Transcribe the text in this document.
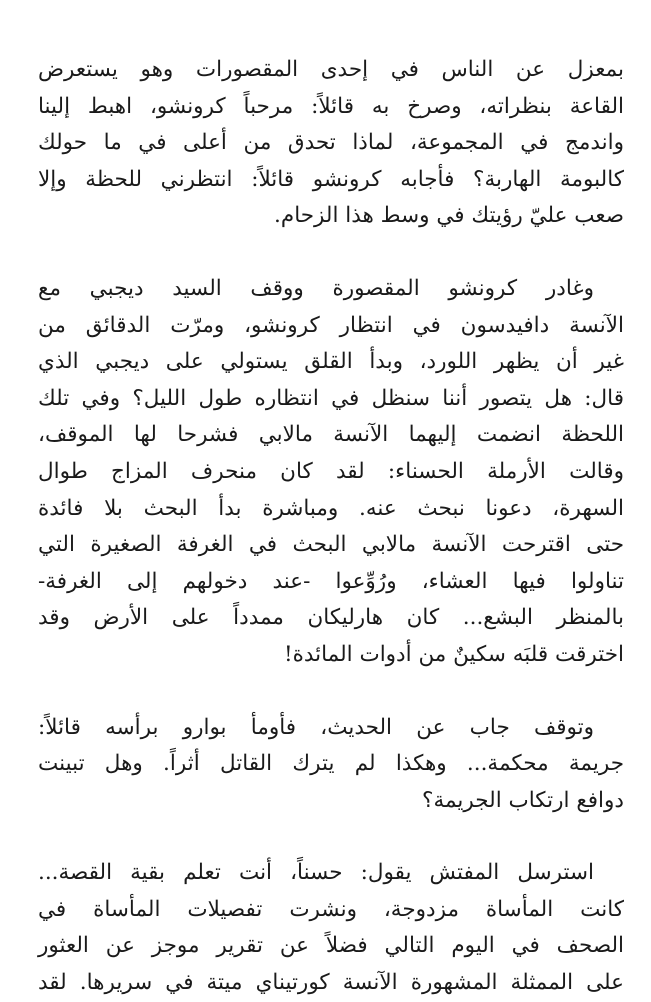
بمعزل عن الناس في إحدى المقصورات وهو يستعرض
القاعة بنظراته، وصرخ به قائلاً: مرحباً كرونشو، اهبط إلينا
واندمج في المجموعة، لماذا تحدق من أعلى في ما حولك
كالبومة الهاربة؟ فأجابه كرونشو قائلاً: انتظرني للحظة وإلا
صعب عليّ رؤيتك في وسط هذا الزحام.

وغادر كرونشو المقصورة ووقف السيد ديجبي مع
الآنسة دافيدسون في انتظار كرونشو، ومرّت الدقائق من
غير أن يظهر اللورد، وبدأ القلق يستولي على ديجبي الذي
قال: هل يتصور أننا سنظل في انتظاره طول الليل؟ وفي تلك
اللحظة انضمت إليهما الآنسة مالابي فشرحا لها الموقف،
وقالت الأرملة الحسناء: لقد كان منحرف المزاج طوال
السهرة، دعونا نبحث عنه. ومباشرة بدأ البحث بلا فائدة
حتى اقترحت الآنسة مالابي البحث في الغرفة الصغيرة التي
تناولوا فيها العشاء، ورُوِّعوا -عند دخولهم إلى الغرفة-
بالمنظر البشع... كان هارليكان ممدداً على الأرض وقد
اخترقت قلبَه سكينٌ من أدوات المائدة!

وتوقف جاب عن الحديث، فأومأ بوارو برأسه قائلاً:
جريمة محكمة... وهكذا لم يترك القاتل أثراً. وهل تبينت
دوافع ارتكاب الجريمة؟

استرسل المفتش يقول: حسناً، أنت تعلم بقية القصة...
كانت المأساة مزدوجة، ونشرت تفصيلات المأساة في
الصحف في اليوم التالي فضلاً عن تقرير موجز عن العثور
على الممثلة المشهورة الآنسة كورتيناي ميتة في سريرها. لقد
